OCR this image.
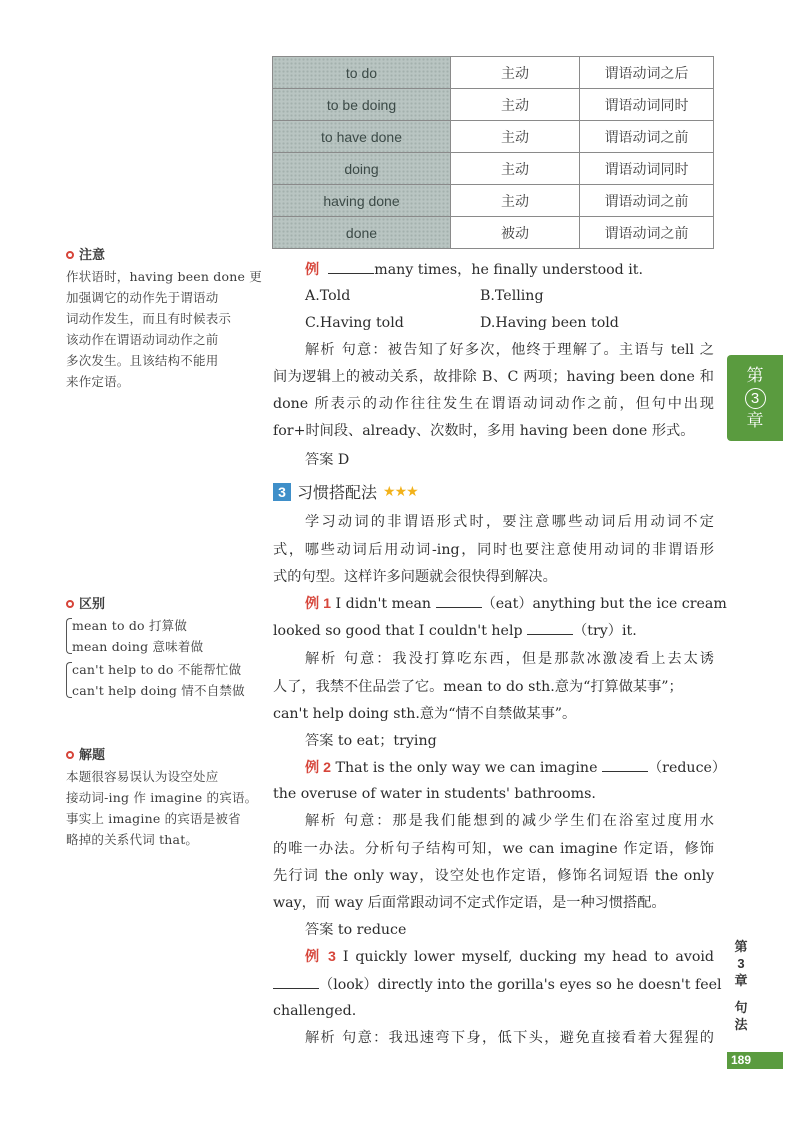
to do	主动	谓语动词之后
to be doing	主动	谓语动词同时
to have done	主动	谓语动词之前
doing	主动	谓语动词同时
having done	主动	谓语动词之前
done	被动	谓语动词之前
注意
作状语时，having been done 更
加强调它的动作先于谓语动
词动作发生，而且有时候表示
该动作在谓语动词动作之前
多次发生。且该结构不能用
来作定语。
区别
mean to do 打算做
mean doing 意味着做
can't help to do 不能帮忙做
can't help doing 情不自禁做
解题
本题很容易误认为设空处应
接动词-ing 作 imagine 的宾语。
事实上 imagine 的宾语是被省
略掉的关系代词 that。
例	many times，he finally understood it.
A.Told	B.Telling
C.Having told	D.Having been told
解析 句意：被告知了好多次，他终于理解了。主语与 tell 之
间为逻辑上的被动关系，故排除 B、C 两项；having been done 和
done 所表示的动作往往发生在谓语动词动作之前，但句中出现
for+时间段、already、次数时，多用 having been done 形式。
答案 D
学习动词的非谓语形式时，要注意哪些动词后用动词不定
式，哪些动词后用动词-ing，同时也要注意使用动词的非谓语形
式的句型。这样许多问题就会很快得到解决。
例 1 I didn't mean	（eat）anything but the ice cream
looked so good that I couldn't help	（try）it.
解析 句意：我没打算吃东西，但是那款冰激凌看上去太诱
人了，我禁不住品尝了它。mean to do sth.意为“打算做某事”；
can't help doing sth.意为“情不自禁做某事”。
答案 to eat；trying
例 2 That is the only way we can imagine	（reduce）
the overuse of water in students' bathrooms.
解析 句意：那是我们能想到的减少学生们在浴室过度用水
的唯一办法。分析句子结构可知，we can imagine 作定语，修饰
先行词 the only way，设空处也作定语，修饰名词短语 the only
way，而 way 后面常跟动词不定式作定语，是一种习惯搭配。
答案 to reduce
例 3 I quickly lower myself, ducking my head to avoid
（look）directly into the gorilla's eyes so he doesn't feel
challenged.
解析 句意：我迅速弯下身，低下头，避免直接看着大猩猩的
3 习惯搭配法 ★★★
第
3
章
第
3
章
句
法
189
